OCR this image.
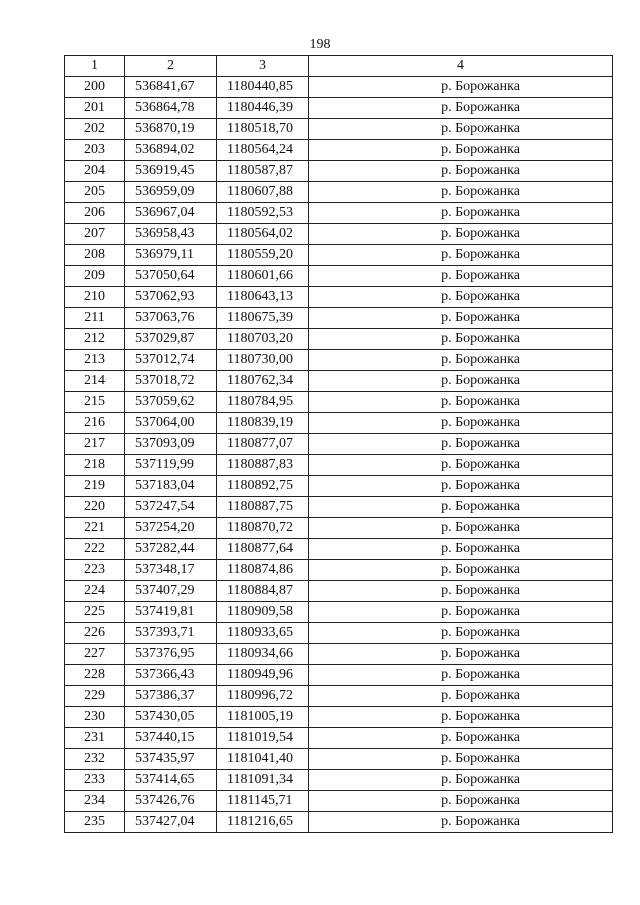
198
1	2	3	4
200	536841,67	1180440,85	р. Борожанка
201	536864,78	1180446,39	р. Борожанка
202	536870,19	1180518,70	р. Борожанка
203	536894,02	1180564,24	р. Борожанка
204	536919,45	1180587,87	р. Борожанка
205	536959,09	1180607,88	р. Борожанка
206	536967,04	1180592,53	р. Борожанка
207	536958,43	1180564,02	р. Борожанка
208	536979,11	1180559,20	р. Борожанка
209	537050,64	1180601,66	р. Борожанка
210	537062,93	1180643,13	р. Борожанка
211	537063,76	1180675,39	р. Борожанка
212	537029,87	1180703,20	р. Борожанка
213	537012,74	1180730,00	р. Борожанка
214	537018,72	1180762,34	р. Борожанка
215	537059,62	1180784,95	р. Борожанка
216	537064,00	1180839,19	р. Борожанка
217	537093,09	1180877,07	р. Борожанка
218	537119,99	1180887,83	р. Борожанка
219	537183,04	1180892,75	р. Борожанка
220	537247,54	1180887,75	р. Борожанка
221	537254,20	1180870,72	р. Борожанка
222	537282,44	1180877,64	р. Борожанка
223	537348,17	1180874,86	р. Борожанка
224	537407,29	1180884,87	р. Борожанка
225	537419,81	1180909,58	р. Борожанка
226	537393,71	1180933,65	р. Борожанка
227	537376,95	1180934,66	р. Борожанка
228	537366,43	1180949,96	р. Борожанка
229	537386,37	1180996,72	р. Борожанка
230	537430,05	1181005,19	р. Борожанка
231	537440,15	1181019,54	р. Борожанка
232	537435,97	1181041,40	р. Борожанка
233	537414,65	1181091,34	р. Борожанка
234	537426,76	1181145,71	р. Борожанка
235	537427,04	1181216,65	р. Борожанка
